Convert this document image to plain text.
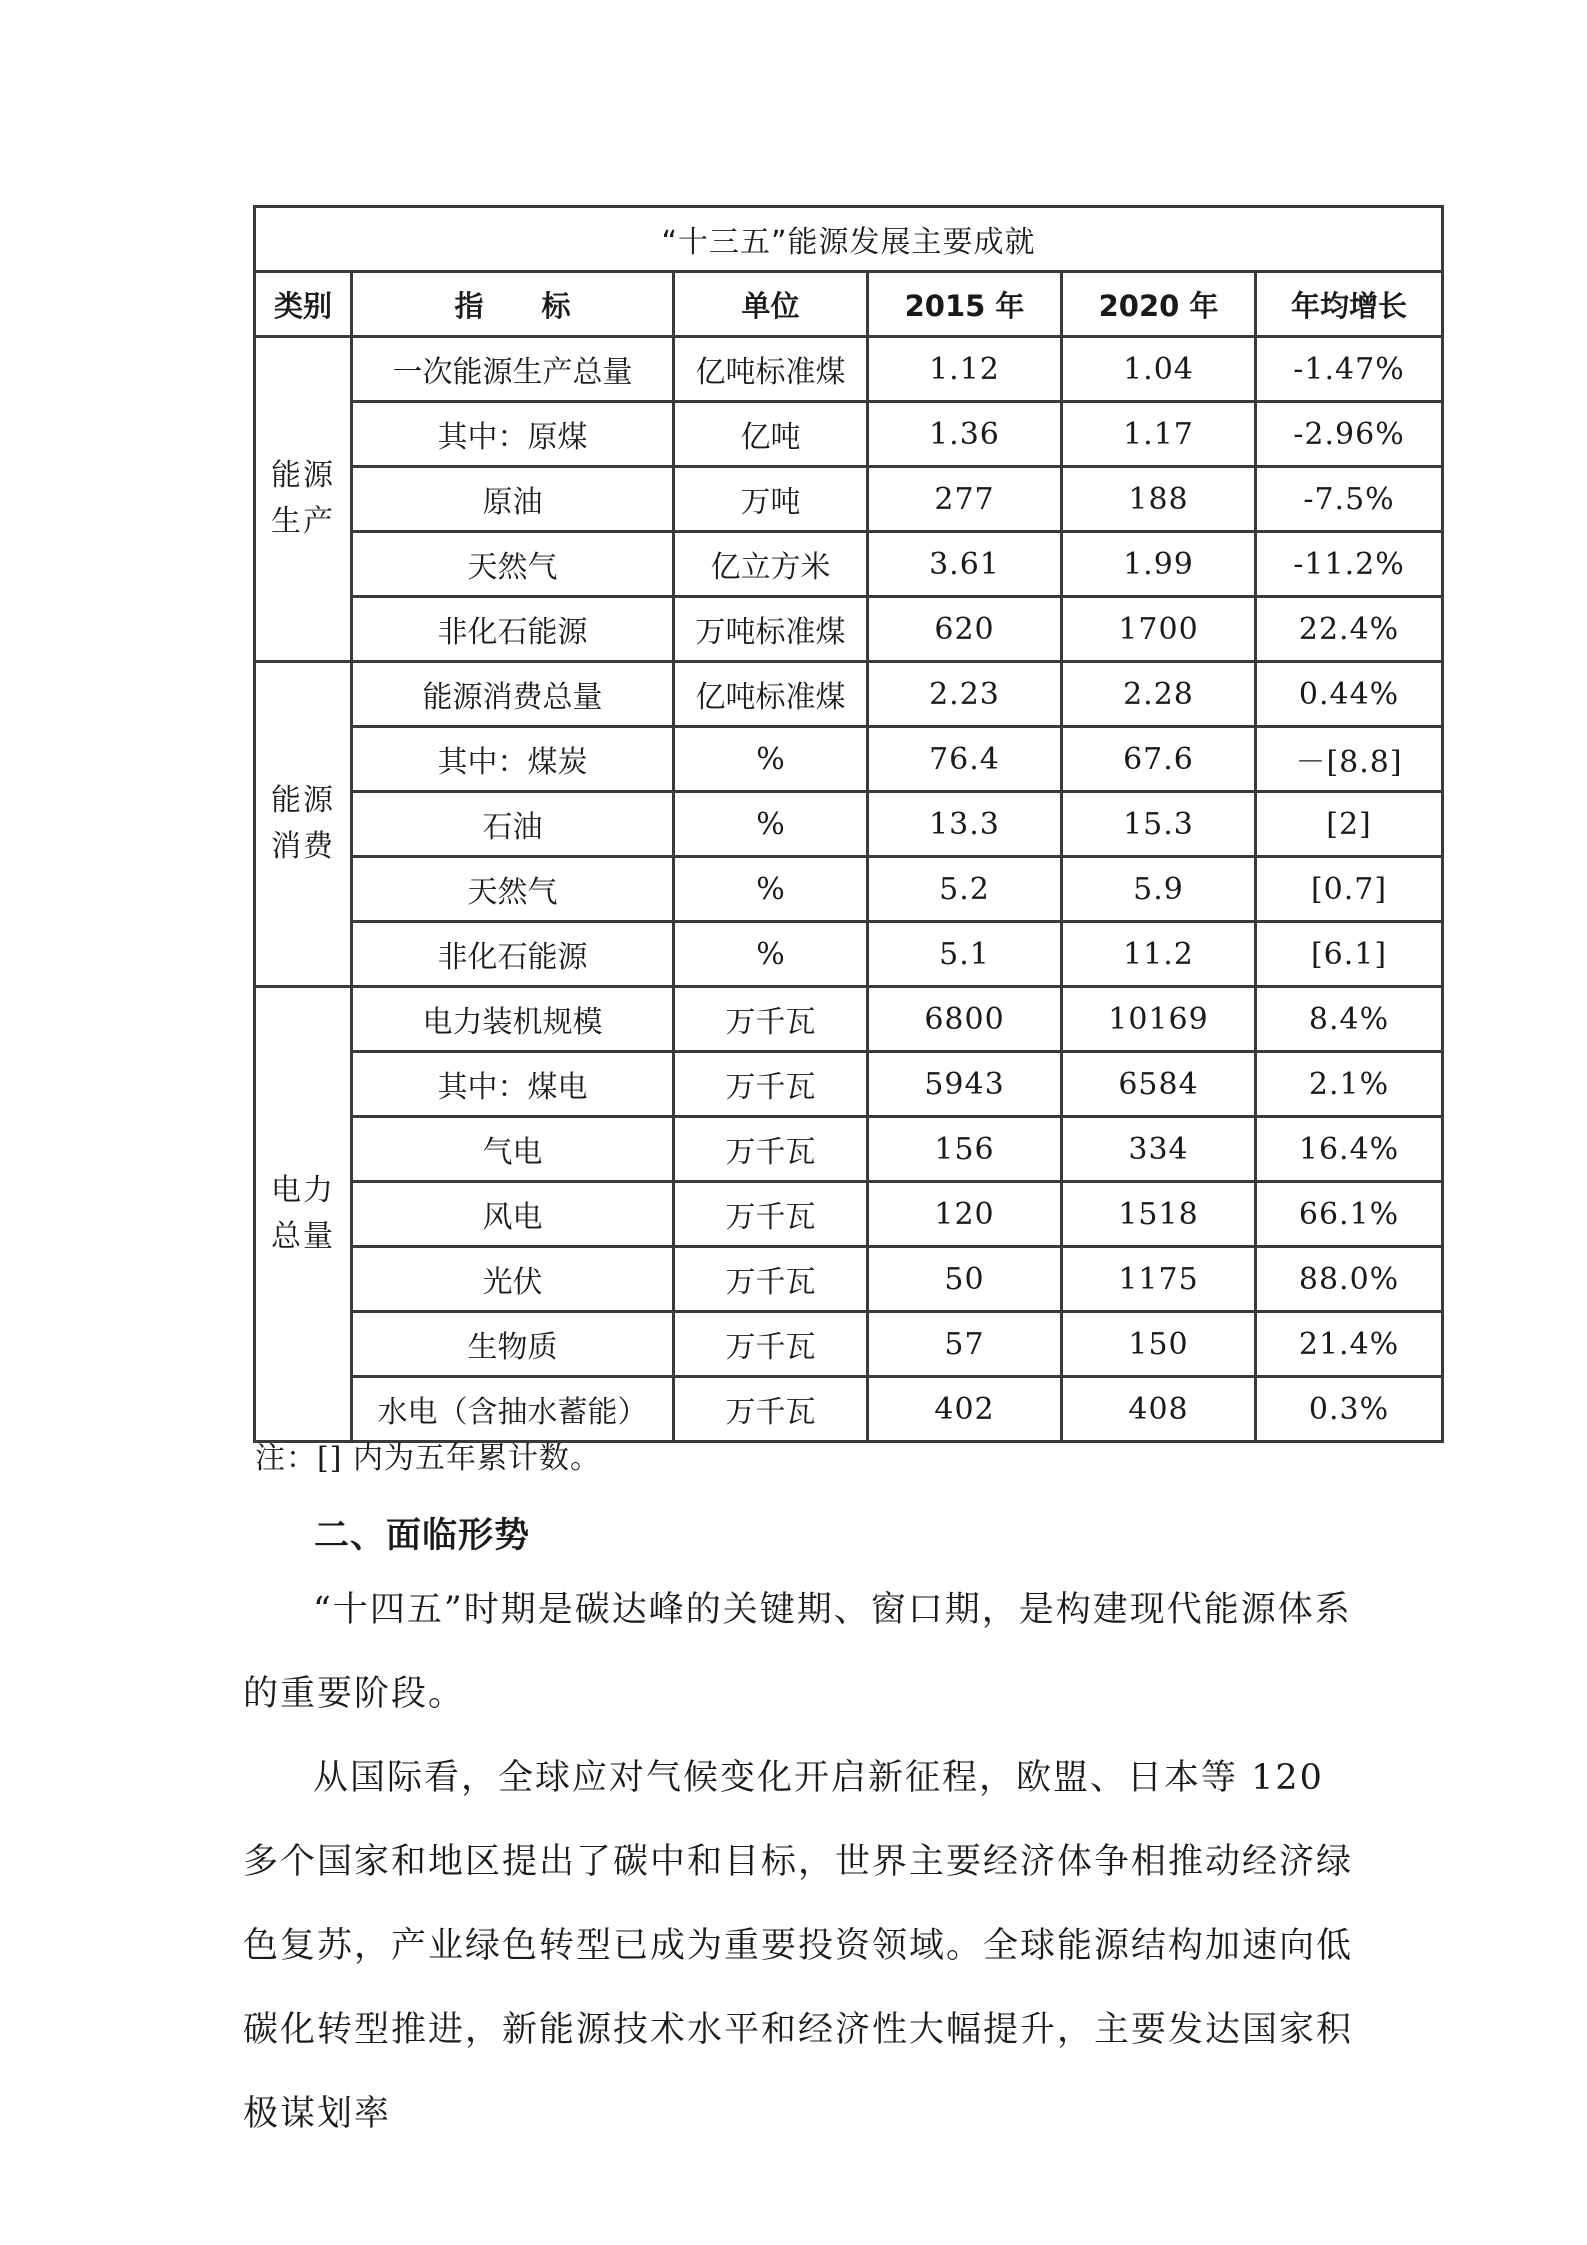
“十三五”能源发展主要成就					
类别	指　　标	单位	2015 年	2020 年	年均增长

能源
生产	一次能源生产总量	亿吨标准煤	1.12	1.04	-1.47%
	其中：原煤	亿吨	1.36	1.17	-2.96%
	原油	万吨	277	188	-7.5%
	天然气	亿立方米	3.61	1.99	-11.2%
	非化石能源	万吨标准煤	620	1700	22.4%

能源
消费	能源消费总量	亿吨标准煤	2.23	2.28	0.44%
	其中：煤炭	%	76.4	67.6	－[8.8]
	石油	%	13.3	15.3	[2]
	天然气	%	5.2	5.9	[0.7]
	非化石能源	%	5.1	11.2	[6.1]

电力
总量	电力装机规模	万千瓦	6800	10169	8.4%
	其中：煤电	万千瓦	5943	6584	2.1%
	气电	万千瓦	156	334	16.4%
	风电	万千瓦	120	1518	66.1%
	光伏	万千瓦	50	1175	88.0%
	生物质	万千瓦	57	150	21.4%
	水电（含抽水蓄能）	万千瓦	402	408	0.3%
注：[] 内为五年累计数。
二、面临形势

“十四五”时期是碳达峰的关键期、窗口期，是构建现代能源体系的重要阶段。

从国际看，全球应对气候变化开启新征程，欧盟、日本等 120 多个国家和地区提出了碳中和目标，世界主要经济体争相推动经济绿色复苏，产业绿色转型已成为重要投资领域。全球能源结构加速向低碳化转型推进，新能源技术水平和经济性大幅提升，主要发达国家积极谋划率
